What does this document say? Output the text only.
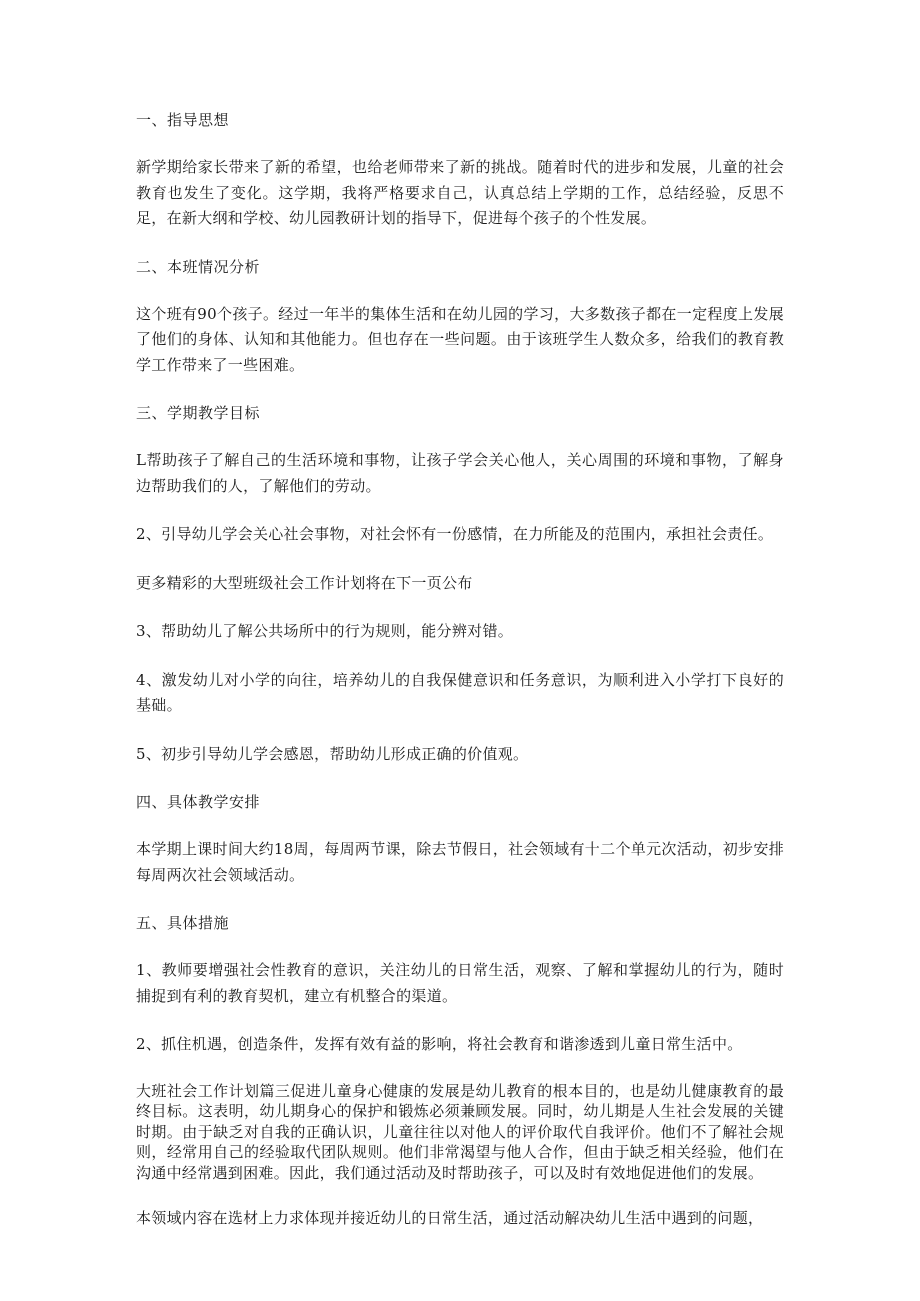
一、指导思想
新学期给家长带来了新的希望，也给老师带来了新的挑战。随着时代的进步和发展，儿童的社会教育也发生了变化。这学期，我将严格要求自己，认真总结上学期的工作，总结经验，反思不足，在新大纲和学校、幼儿园教研计划的指导下，促进每个孩子的个性发展。
二、本班情况分析
这个班有90个孩子。经过一年半的集体生活和在幼儿园的学习，大多数孩子都在一定程度上发展了他们的身体、认知和其他能力。但也存在一些问题。由于该班学生人数众多，给我们的教育教学工作带来了一些困难。
三、学期教学目标
L帮助孩子了解自己的生活环境和事物，让孩子学会关心他人，关心周围的环境和事物，了解身边帮助我们的人，了解他们的劳动。
2、引导幼儿学会关心社会事物，对社会怀有一份感情，在力所能及的范围内，承担社会责任。
更多精彩的大型班级社会工作计划将在下一页公布
3、帮助幼儿了解公共场所中的行为规则，能分辨对错。
4、激发幼儿对小学的向往，培养幼儿的自我保健意识和任务意识，为顺利进入小学打下良好的基础。
5、初步引导幼儿学会感恩，帮助幼儿形成正确的价值观。
四、具体教学安排
本学期上课时间大约18周，每周两节课，除去节假日，社会领域有十二个单元次活动，初步安排每周两次社会领域活动。
五、具体措施
1、教师要增强社会性教育的意识，关注幼儿的日常生活，观察、了解和掌握幼儿的行为，随时捕捉到有利的教育契机，建立有机整合的渠道。
2、抓住机遇，创造条件，发挥有效有益的影响，将社会教育和谐渗透到儿童日常生活中。
大班社会工作计划篇三促进儿童身心健康的发展是幼儿教育的根本目的，也是幼儿健康教育的最终目标。这表明，幼儿期身心的保护和锻炼必须兼顾发展。同时，幼儿期是人生社会发展的关键时期。由于缺乏对自我的正确认识，儿童往往以对他人的评价取代自我评价。他们不了解社会规则，经常用自己的经验取代团队规则。他们非常渴望与他人合作，但由于缺乏相关经验，他们在沟通中经常遇到困难。因此，我们通过活动及时帮助孩子，可以及时有效地促进他们的发展。
本领域内容在选材上力求体现并接近幼儿的日常生活，通过活动解决幼儿生活中遇到的问题，
